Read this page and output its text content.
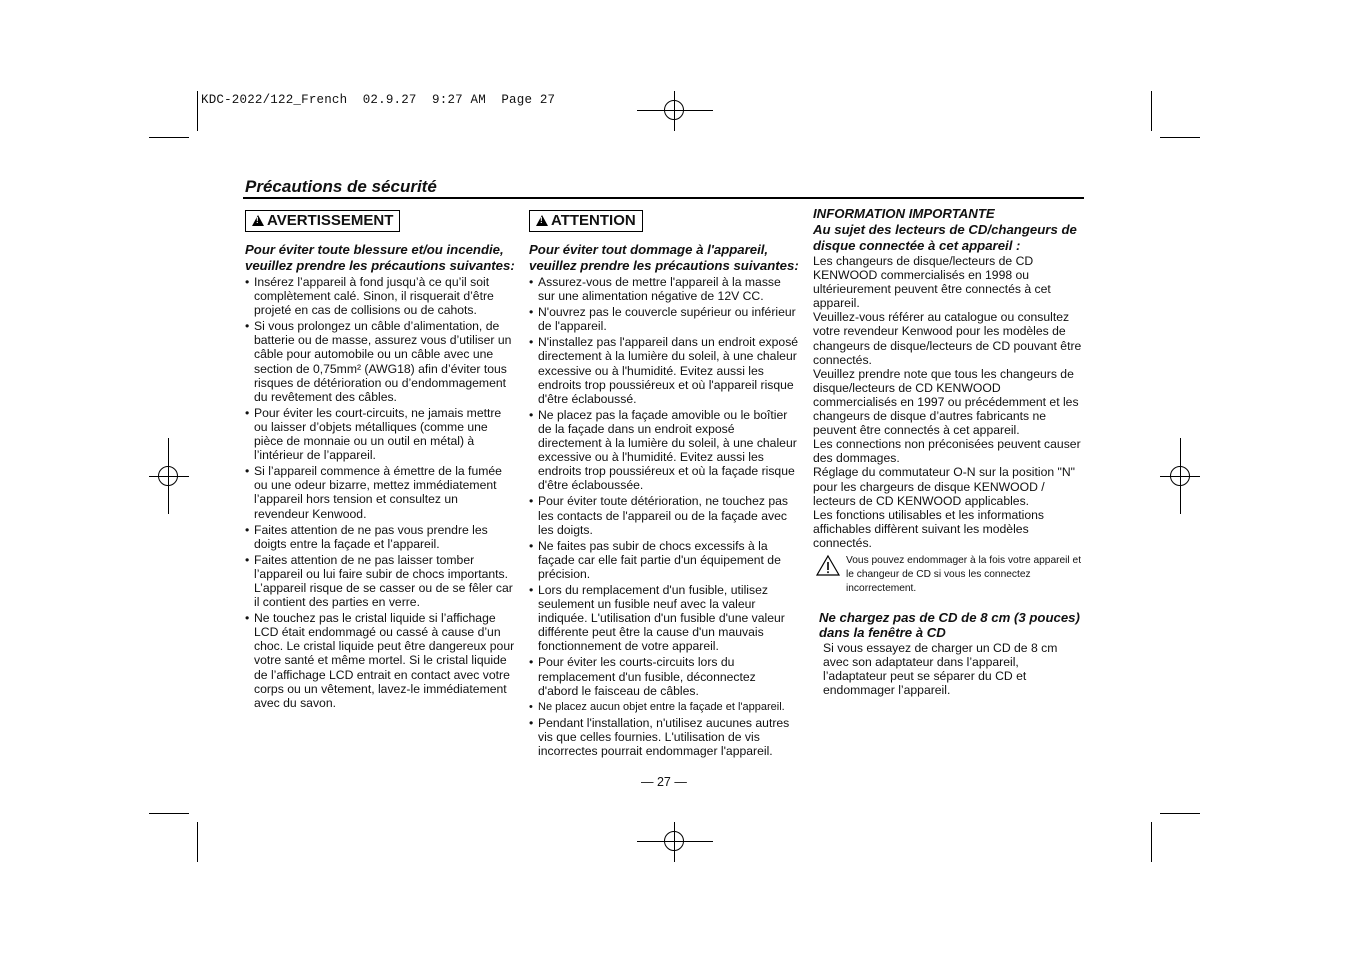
KDC-2022/122_French  02.9.27  9:27 AM  Page 27
Précautions de sécurité
!AVERTISSEMENT
Pour éviter toute blessure et/ou incendie, veuillez prendre les précautions suivantes:
• Insérez l’appareil à fond jusqu’à ce qu’il soit complètement calé. Sinon, il risquerait d’être projeté en cas de collisions ou de cahots.
• Si vous prolongez un câble d’alimentation, de batterie ou de masse, assurez vous d’utiliser un câble pour automobile ou un câble avec une section de 0,75mm² (AWG18) afin d’éviter tous risques de détérioration ou d’endommagement du revêtement des câbles.
• Pour éviter les court-circuits, ne jamais mettre ou laisser d’objets métalliques (comme une pièce de monnaie ou un outil en métal) à l’intérieur de l’appareil.
• Si l’appareil commence à émettre de la fumée ou une odeur bizarre, mettez immédiatement l’appareil hors tension et consultez un revendeur Kenwood.
• Faites attention de ne pas vous prendre les doigts entre la façade et l’appareil.
• Faites attention de ne pas laisser tomber l’appareil ou lui faire subir de chocs importants. L’appareil risque de se casser ou de se fêler car il contient des parties en verre.
• Ne touchez pas le cristal liquide si l’affichage LCD était endommagé ou cassé à cause d’un choc. Le cristal liquide peut être dangereux pour votre santé et même mortel. Si le cristal liquide de l’affichage LCD entrait en contact avec votre corps ou un vêtement, lavez-le immédiatement avec du savon.
!ATTENTION
Pour éviter tout dommage à l'appareil, veuillez prendre les précautions suivantes:
• Assurez-vous de mettre l'appareil à la masse sur une alimentation négative de 12V CC.
• N'ouvrez pas le couvercle supérieur ou inférieur de l'appareil.
• N'installez pas l'appareil dans un endroit exposé directement à la lumière du soleil, à une chaleur excessive ou à l'humidité. Evitez aussi les endroits trop poussiéreux et où l'appareil risque d'être éclaboussé.
• Ne placez pas la façade amovible ou le boîtier de la façade dans un endroit exposé directement à la lumière du soleil, à une chaleur excessive ou à l'humidité. Evitez aussi les endroits trop poussiéreux et où la façade risque d'être éclaboussée.
• Pour éviter toute détérioration, ne touchez pas les contacts de l'appareil ou de la façade avec les doigts.
• Ne faites pas subir de chocs excessifs à la façade car elle fait partie d'un équipement de précision.
• Lors du remplacement d'un fusible, utilisez seulement un fusible neuf avec la valeur indiquée. L'utilisation d'un fusible d'une valeur différente peut être la cause d'un mauvais fonctionnement de votre appareil.
• Pour éviter les courts-circuits lors du remplacement d'un fusible, déconnectez d'abord le faisceau de câbles.
• Ne placez aucun objet entre la façade et l'appareil.
• Pendant l'installation, n'utilisez aucunes autres vis que celles fournies. L'utilisation de vis incorrectes pourrait endommager l'appareil.
INFORMATION IMPORTANTE
Au sujet des lecteurs de CD/changeurs de disque connectée à cet appareil :

Les changeurs de disque/lecteurs de CD KENWOOD commercialisés en 1998 ou ultérieurement peuvent être connectés à cet appareil.

Veuillez-vous référer au catalogue ou consultez votre revendeur Kenwood pour les modèles de changeurs de disque/lecteurs de CD pouvant être connectés.

Veuillez prendre note que tous les changeurs de disque/lecteurs de CD KENWOOD commercialisés en 1997 ou précédemment et les changeurs de disque d’autres fabricants ne peuvent être connectés à cet appareil.

Les connections non préconisées peuvent causer des dommages.

Réglage du commutateur O-N sur la position "N" pour les chargeurs de disque KENWOOD / lecteurs de CD KENWOOD applicables.

Les fonctions utilisables et les informations affichables diffèrent suivant les modèles connectés.

Vous pouvez endommager à la fois votre appareil et le changeur de CD si vous les connectez incorrectement.
Ne chargez pas de CD de 8 cm (3 pouces) dans la fenêtre à CD
Si vous essayez de charger un CD de 8 cm avec son adaptateur dans l’appareil, l’adaptateur peut se séparer du CD et endommager l’appareil.
— 27 —
